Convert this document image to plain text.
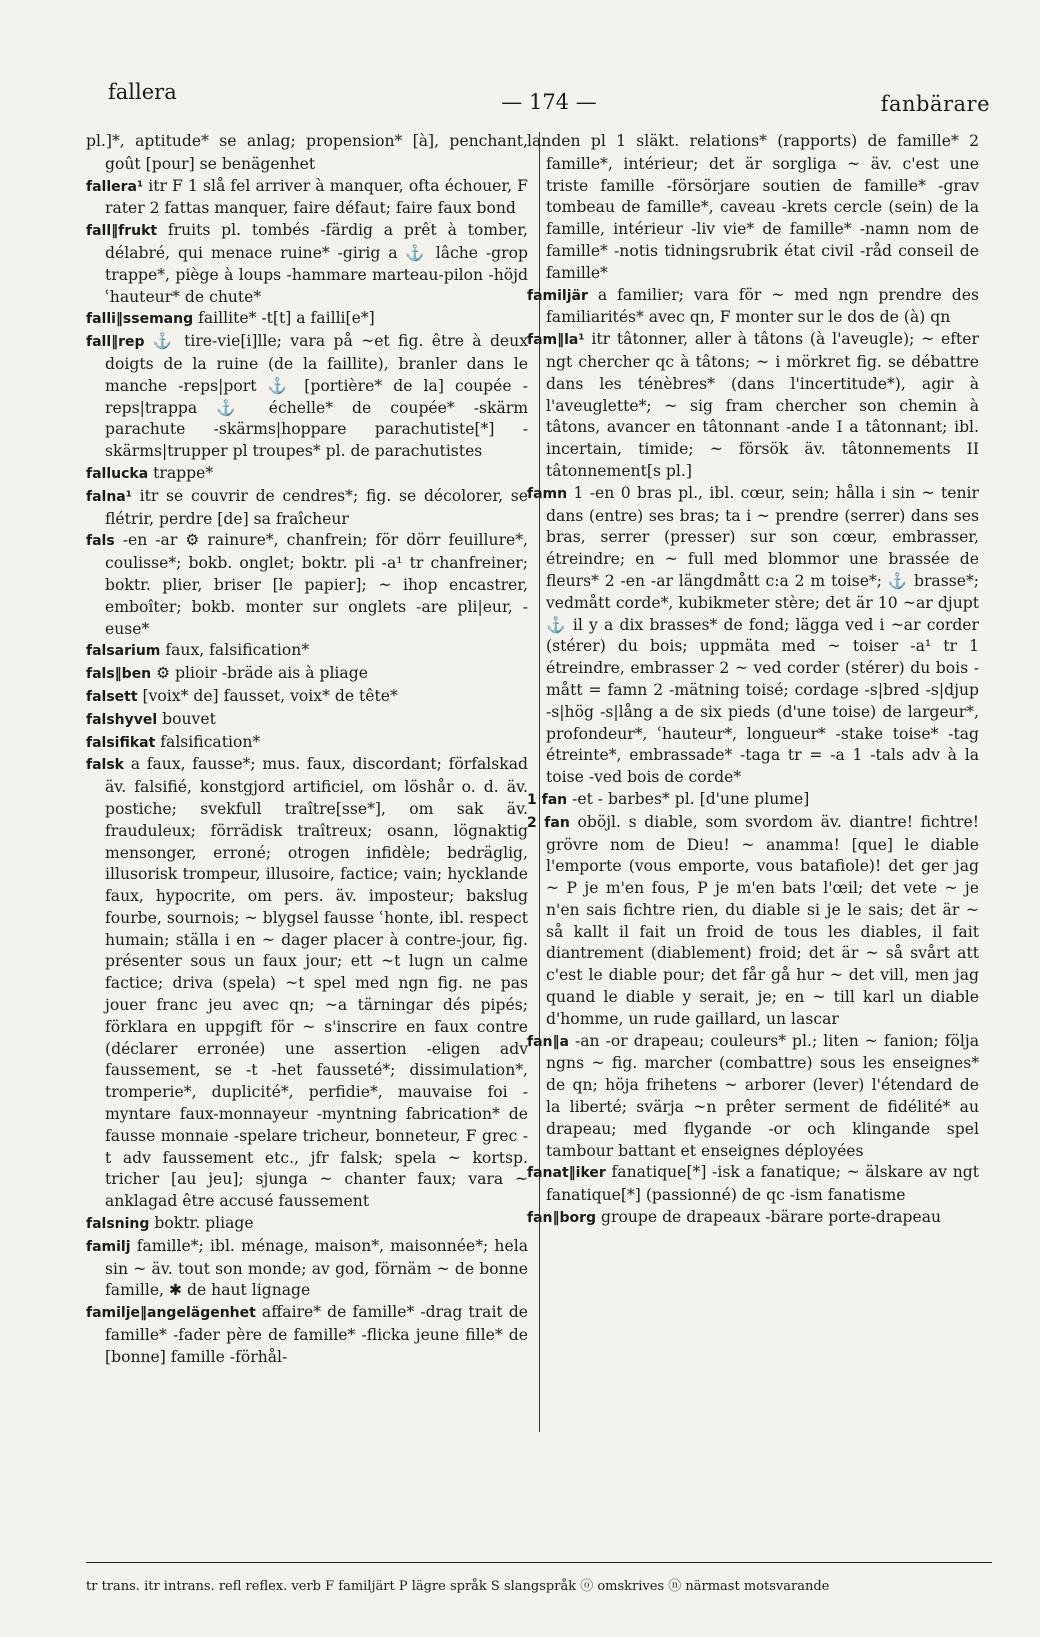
fallera	— 174 —	fanbärare
pl.]*, aptitude* se anlag; propension* [à], penchant, goût [pour] se benägenhet
fallera¹ itr F 1 slå fel arriver à manquer, ofta échouer, F rater 2 fattas manquer, faire défaut; faire faux bond
fall‖frukt fruits pl. tombés -färdig a prêt à tomber, délabré, qui menace ruine* -girig a ⚓ lâche -grop trappe*, piège à loups -hammare marteau-pilon -höjd ʿhauteur* de chute*
falli‖ssemang faillite* -t[t] a failli[e*]
fall‖rep ⚓ tire-vie[i]lle; vara på ~et fig. être à deux doigts de la ruine (de la faillite), branler dans le manche -reps|port ⚓ [portière* de la] coupée -reps|trappa ⚓ échelle* de coupée* -skärm parachute -skärms|hoppare parachutiste[*] -skärms|trupper pl troupes* pl. de parachutistes
fallucka trappe*
falna¹ itr se couvrir de cendres*; fig. se décolorer, se flétrir, perdre [de] sa fraîcheur
fals -en -ar ⚙ rainure*, chanfrein; för dörr feuillure*, coulisse*; bokb. onglet; boktr. pli -a¹ tr chanfreiner; boktr. plier, briser [le papier]; ~ ihop encastrer, emboîter; bokb. monter sur onglets -are pli|eur, -euse*
falsarium faux, falsification*
fals‖ben ⚙ plioir -bräde ais à pliage
falsett [voix* de] fausset, voix* de tête*
falshyvel bouvet
falsifikat falsification*
falsk a faux, fausse*; mus. faux, discordant; förfalskad äv. falsifié, konstgjord artificiel, om löshår o. d. äv. postiche; svekfull traître[sse*], om sak äv. frauduleux; förrädisk traîtreux; osann, lögnaktig mensonger, erroné; otrogen infidèle; bedräglig, illusorisk trompeur, illusoire, factice; vain; hycklande faux, hypocrite, om pers. äv. imposteur; bakslug fourbe, sournois; ~ blygsel fausse ʿhonte, ibl. respect humain; ställa i en ~ dager placer à contre-jour, fig. présenter sous un faux jour; ett ~t lugn un calme factice; driva (spela) ~t spel med ngn fig. ne pas jouer franc jeu avec qn; ~a tärningar dés pipés; förklara en uppgift för ~ s'inscrire en faux contre (déclarer erronée) une assertion -eligen adv faussement, se -t -het fausseté*; dissimulation*, tromperie*, duplicité*, perfidie*, mauvaise foi -myntare faux-monnayeur -myntning fabrication* de fausse monnaie -spelare tricheur, bonneteur, F grec -t adv faussement etc., jfr falsk; spela ~ kortsp. tricher [au jeu]; sjunga ~ chanter faux; vara ~ anklagad être accusé faussement
falsning boktr. pliage
familj famille*; ibl. ménage, maison*, maisonnée*; hela sin ~ äv. tout son monde; av god, förnäm ~ de bonne famille, ✱ de haut lignage
familje‖angelägenhet affaire* de famille* -drag trait de famille* -fader père de famille* -flicka jeune fille* de [bonne] famille -förhål-
landen pl 1 släkt. relations* (rapports) de famille* 2 famille*, intérieur; det är sorgliga ~ äv. c'est une triste famille -försörjare soutien de famille* -grav tombeau de famille*, caveau -krets cercle (sein) de la famille, intérieur -liv vie* de famille* -namn nom de famille* -notis tidningsrubrik état civil -råd conseil de famille*
familjär a familier; vara för ~ med ngn prendre des familiarités* avec qn, F monter sur le dos de (à) qn
fam‖la¹ itr tâtonner, aller à tâtons (à l'aveugle); ~ efter ngt chercher qc à tâtons; ~ i mörkret fig. se débattre dans les ténèbres* (dans l'incertitude*), agir à l'aveuglette*; ~ sig fram chercher son chemin à tâtons, avancer en tâtonnant -ande I a tâtonnant; ibl. incertain, timide; ~ försök äv. tâtonnements II tâtonnement[s pl.]
famn 1 -en 0 bras pl., ibl. cœur, sein; hålla i sin ~ tenir dans (entre) ses bras; ta i ~ prendre (serrer) dans ses bras, serrer (presser) sur son cœur, embrasser, étreindre; en ~ full med blommor une brassée de fleurs* 2 -en -ar längdmått c:a 2 m toise*; ⚓ brasse*; vedmått corde*, kubikmeter stère; det är 10 ~ar djupt ⚓ il y a dix brasses* de fond; lägga ved i ~ar corder (stérer) du bois; uppmäta med ~ toiser -a¹ tr 1 étreindre, embrasser 2 ~ ved corder (stérer) du bois -mått = famn 2 -mätning toisé; cordage -s|bred -s|djup -s|hög -s|lång a de six pieds (d'une toise) de largeur*, profondeur*, ʿhauteur*, longueur* -stake toise* -tag étreinte*, embrassade* -taga tr = -a 1 -tals adv à la toise -ved bois de corde*
1 fan -et - barbes* pl. [d'une plume]
2 fan oböjl. s diable, som svordom äv. diantre! fichtre! grövre nom de Dieu! ~ anamma! [que] le diable l'emporte (vous emporte, vous batafiole)! det ger jag ~ P je m'en fous, P je m'en bats l'œil; det vete ~ je n'en sais fichtre rien, du diable si je le sais; det är ~ så kallt il fait un froid de tous les diables, il fait diantrement (diablement) froid; det är ~ så svårt att c'est le diable pour; det får gå hur ~ det vill, men jag quand le diable y serait, je; en ~ till karl un diable d'homme, un rude gaillard, un lascar
fan‖a -an -or drapeau; couleurs* pl.; liten ~ fanion; följa ngns ~ fig. marcher (combattre) sous les enseignes* de qn; höja frihetens ~ arborer (lever) l'étendard de la liberté; svärja ~n prêter serment de fidélité* au drapeau; med flygande -or och klingande spel tambour battant et enseignes déployées
fanat‖iker fanatique[*] -isk a fanatique; ~ älskare av ngt fanatique[*] (passionné) de qc -ism fanatisme
fan‖borg groupe de drapeaux -bärare porte-drapeau
tr trans. itr intrans. refl reflex. verb F familjärt P lägre språk S slangspråk ⓞ omskrives ⓝ närmast motsvarande
